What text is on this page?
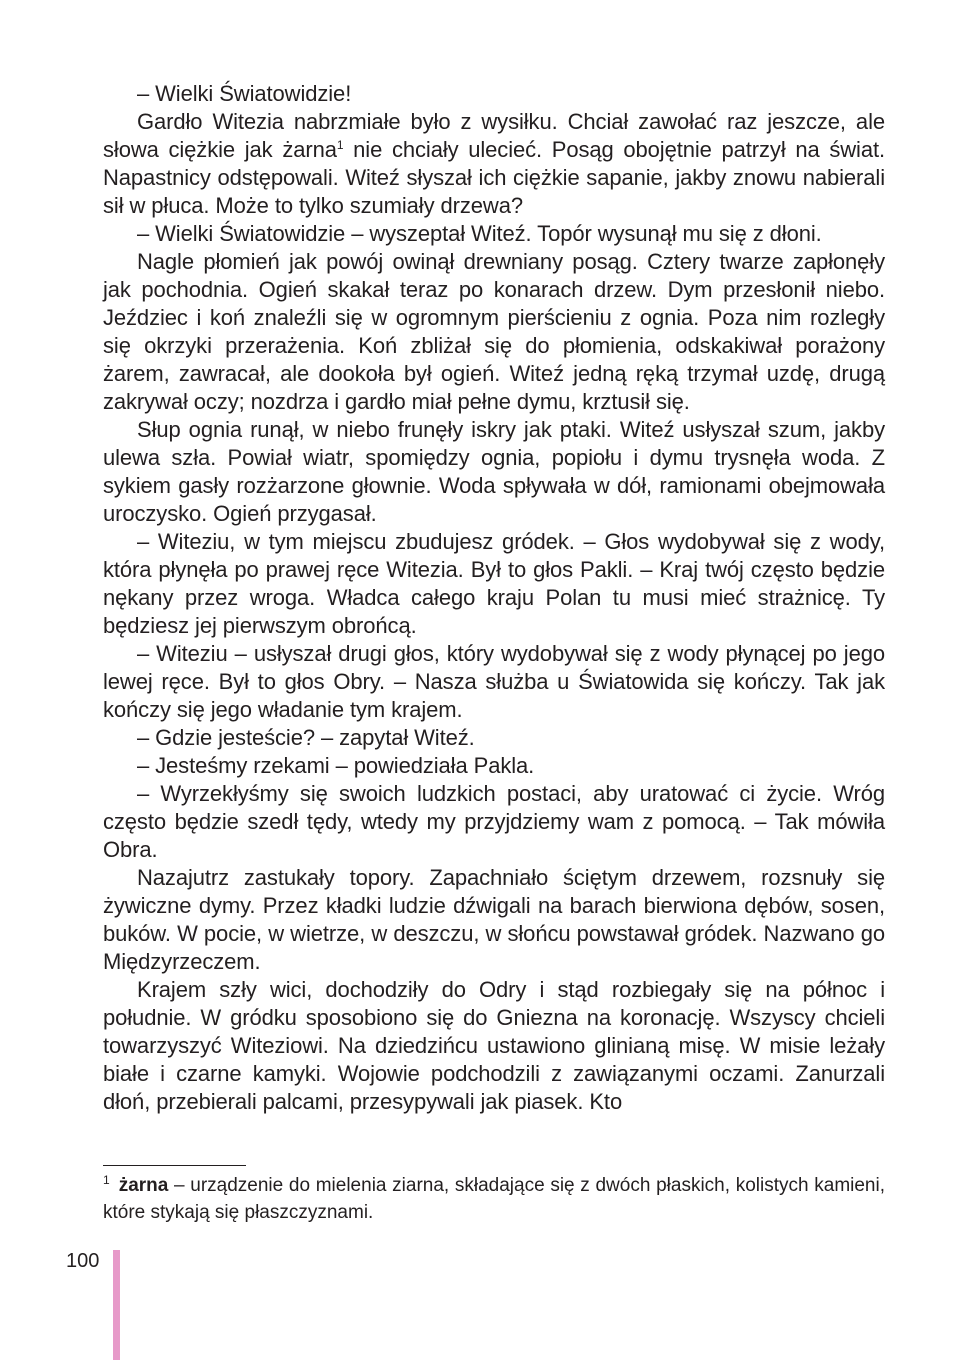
– Wielki Światowidzie!

Gardło Witezia nabrzmiałe było z wysiłku. Chciał zawołać raz jeszcze, ale słowa ciężkie jak żarna$^1$ nie chciały ulecieć. Posąg obojętnie patrzył na świat. Napastnicy odstępowali. Witeź słyszał ich ciężkie sapanie, jakby znowu nabierali sił w płuca. Może to tylko szumiały drzewa?

– Wielki Światowidzie – wyszeptał Witeź. Topór wysunął mu się z dłoni.

Nagle płomień jak powój owinął drewniany posąg. Cztery twarze zapłonęły jak pochodnia. Ogień skakał teraz po konarach drzew. Dym przesłonił niebo. Jeździec i koń znaleźli się w ogromnym pierścieniu z ognia. Poza nim rozległy się okrzyki przerażenia. Koń zbliżał się do płomienia, odskakiwał porażony żarem, zawracał, ale dookoła był ogień. Witeź jedną ręką trzymał uzdę, drugą zakrywał oczy; nozdrza i gardło miał pełne dymu, krztusił się.

Słup ognia runął, w niebo frunęły iskry jak ptaki. Witeź usłyszał szum, jakby ulewa szła. Powiał wiatr, spomiędzy ognia, popiołu i dymu trysnęła woda. Z sykiem gasły rozżarzone głownie. Woda spływała w dół, ramionami obejmowała uroczysko. Ogień przygasał.

– Witeziu, w tym miejscu zbudujesz gródek. – Głos wydobywał się z wody, która płynęła po prawej ręce Witezia. Był to głos Pakli. – Kraj twój często będzie nękany przez wroga. Władca całego kraju Polan tu musi mieć strażnicę. Ty będziesz jej pierwszym obrońcą.

– Witeziu – usłyszał drugi głos, który wydobywał się z wody płynącej po jego lewej ręce. Był to głos Obry. – Nasza służba u Światowida się kończy. Tak jak kończy się jego władanie tym krajem.

– Gdzie jesteście? – zapytał Witeź.

– Jesteśmy rzekami – powiedziała Pakla.

– Wyrzekłyśmy się swoich ludzkich postaci, aby uratować ci życie. Wróg często będzie szedł tędy, wtedy my przyjdziemy wam z pomocą. – Tak mówiła Obra.

Nazajutrz zastukały topory. Zapachniało ściętym drzewem, rozsnuły się żywiczne dymy. Przez kładki ludzie dźwigali na barach bierwiona dębów, sosen, buków. W pocie, w wietrze, w deszczu, w słońcu powstawał gródek. Nazwano go Międzyrzeczem.

Krajem szły wici, dochodziły do Odry i stąd rozbiegały się na północ i południe. W gródku sposobiono się do Gniezna na koronację. Wszyscy chcieli towarzyszyć Witeziowi. Na dziedzińcu ustawiono glinianą misę. W misie leżały białe i czarne kamyki. Wojowie podchodzili z zawiązanymi oczami. Zanurzali dłoń, przebierali palcami, przesypywali jak piasek. Kto

$^1$ żarna – urządzenie do mielenia ziarna, składające się z dwóch płaskich, kolistych kamieni, które stykają się płaszczyznami.
100
